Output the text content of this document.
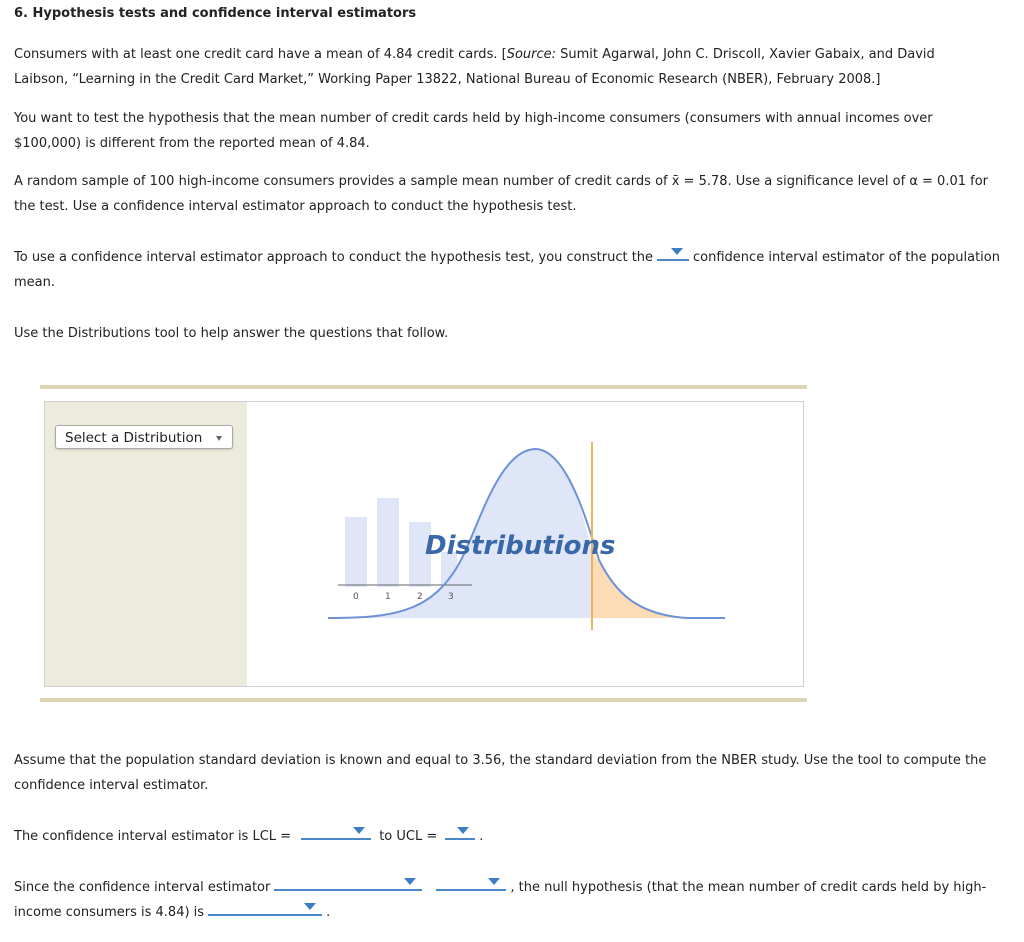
6. Hypothesis tests and confidence interval estimators
Consumers with at least one credit card have a mean of 4.84 credit cards. [Source: Sumit Agarwal, John C. Driscoll, Xavier Gabaix, and David
Laibson, “Learning in the Credit Card Market,” Working Paper 13822, National Bureau of Economic Research (NBER), February 2008.]
You want to test the hypothesis that the mean number of credit cards held by high-income consumers (consumers with annual incomes over
$100,000) is different from the reported mean of 4.84.
A random sample of 100 high-income consumers provides a sample mean number of credit cards of x̄ = 5.78. Use a significance level of α = 0.01 for
the test. Use a confidence interval estimator approach to conduct the hypothesis test.
To use a confidence interval estimator approach to conduct the hypothesis test, you construct the	confidence interval estimator of the population
mean.
Use the Distributions tool to help answer the questions that follow.
Select a Distribution
0	1	2	3
Distributions
Assume that the population standard deviation is known and equal to 3.56, the standard deviation from the NBER study. Use the tool to compute the
confidence interval estimator.
The confidence interval estimator is LCL =	to UCL =	.
Since the confidence interval estimator	, the null hypothesis (that the mean number of credit cards held by high-
income consumers is 4.84) is	.
